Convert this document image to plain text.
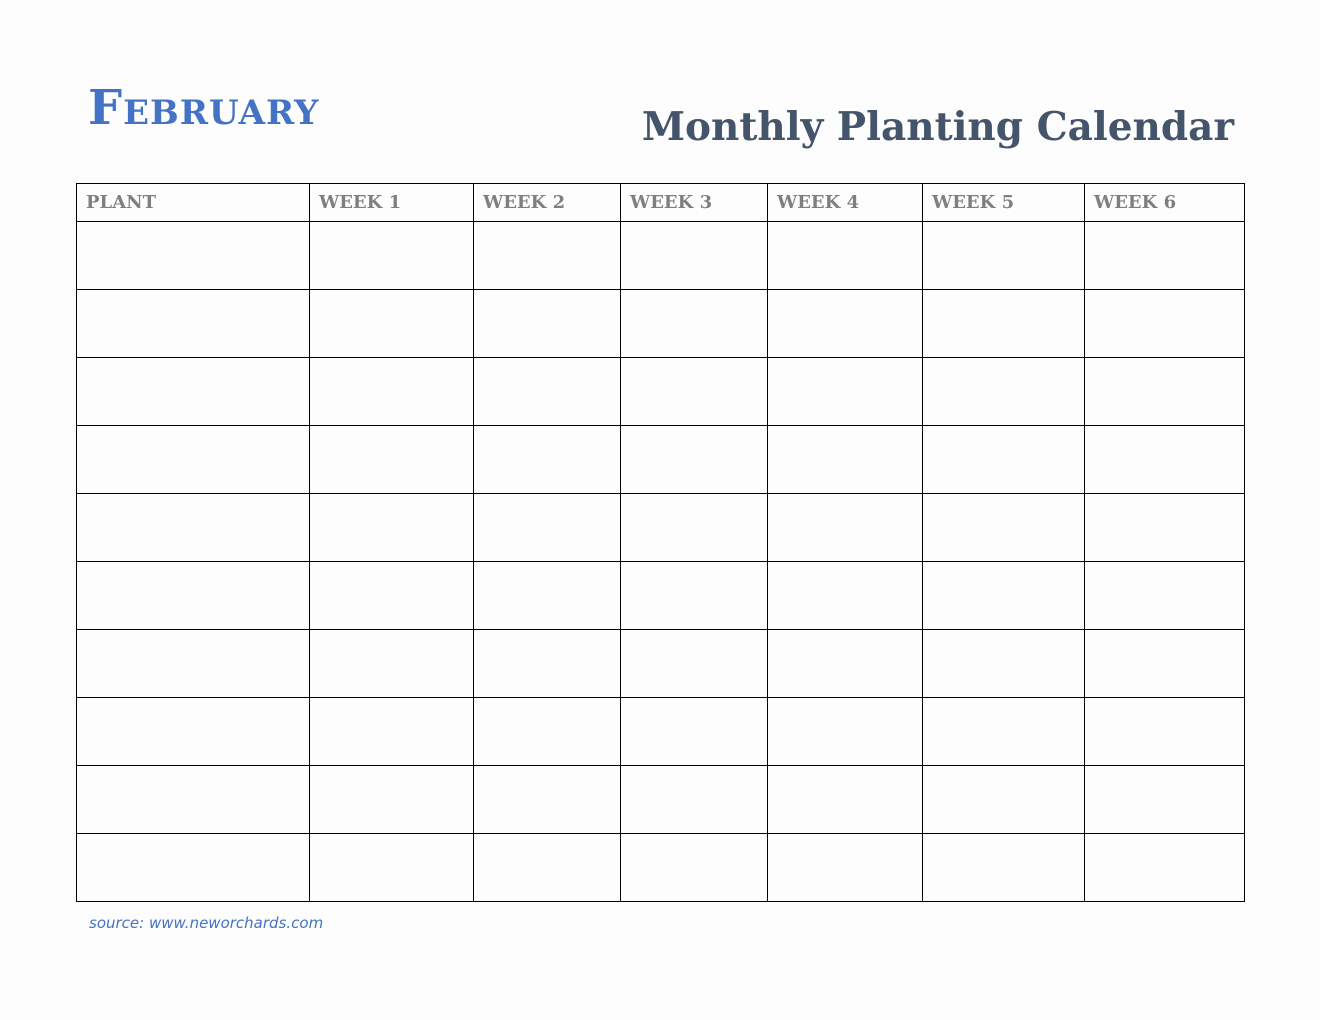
February	Monthly Planting Calendar
PLANT	WEEK 1	WEEK 2	WEEK 3	WEEK 4	WEEK 5	WEEK 6

source: www.neworchards.com
